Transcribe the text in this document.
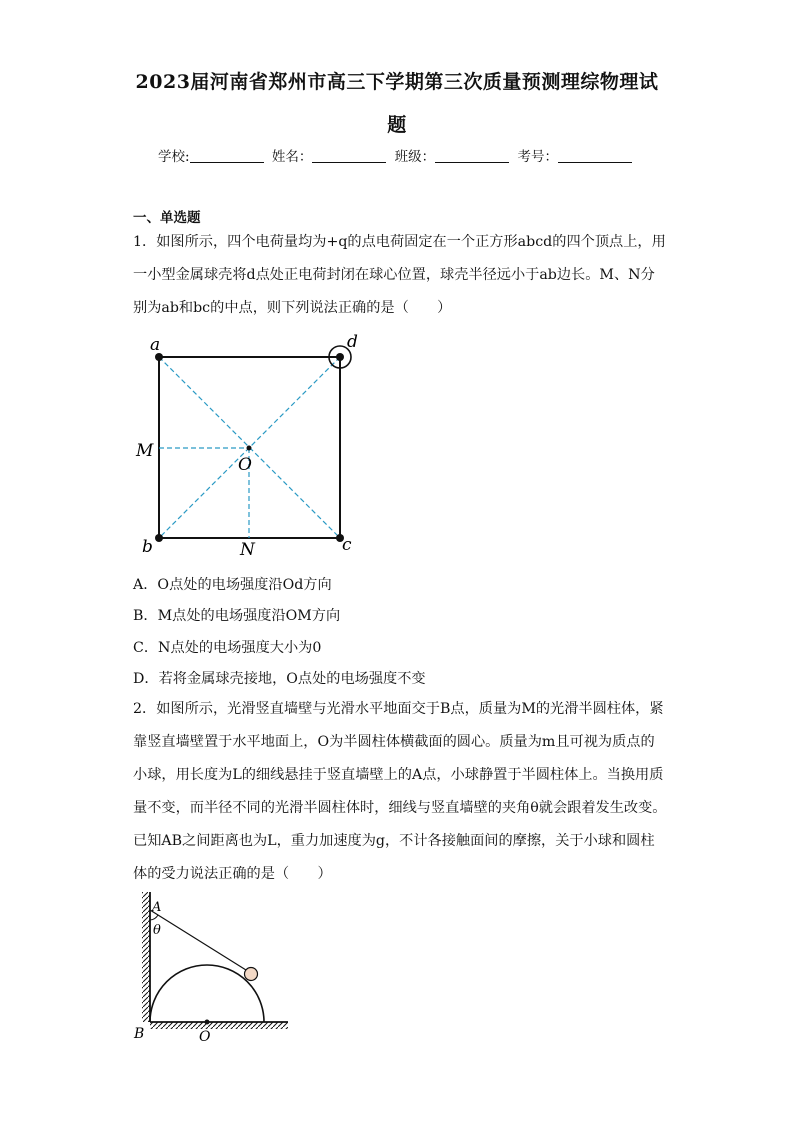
2023届河南省郑州市高三下学期第三次质量预测理综物理试
题
学校:	姓名：	班级：	考号：
一、单选题
1．如图所示，四个电荷量均为+q的点电荷固定在一个正方形abcd的四个顶点上，用
一小型金属球壳将d点处正电荷封闭在球心位置，球壳半径远小于ab边长。M、N分
别为ab和bc的中点，则下列说法正确的是（　　）
a	d
M
O
b	N	c
A．O点处的电场强度沿Od方向
B．M点处的电场强度沿OM方向
C．N点处的电场强度大小为0
D．若将金属球壳接地，O点处的电场强度不变
2．如图所示，光滑竖直墙壁与光滑水平地面交于B点，质量为M的光滑半圆柱体，紧
靠竖直墙壁置于水平地面上，O为半圆柱体横截面的圆心。质量为m且可视为质点的
小球，用长度为L的细线悬挂于竖直墙壁上的A点，小球静置于半圆柱体上。当换用质
量不变，而半径不同的光滑半圆柱体时，细线与竖直墙壁的夹角θ就会跟着发生改变。
已知AB之间距离也为L，重力加速度为g，不计各接触面间的摩擦，关于小球和圆柱
体的受力说法正确的是（　　）
A
θ
B	O
